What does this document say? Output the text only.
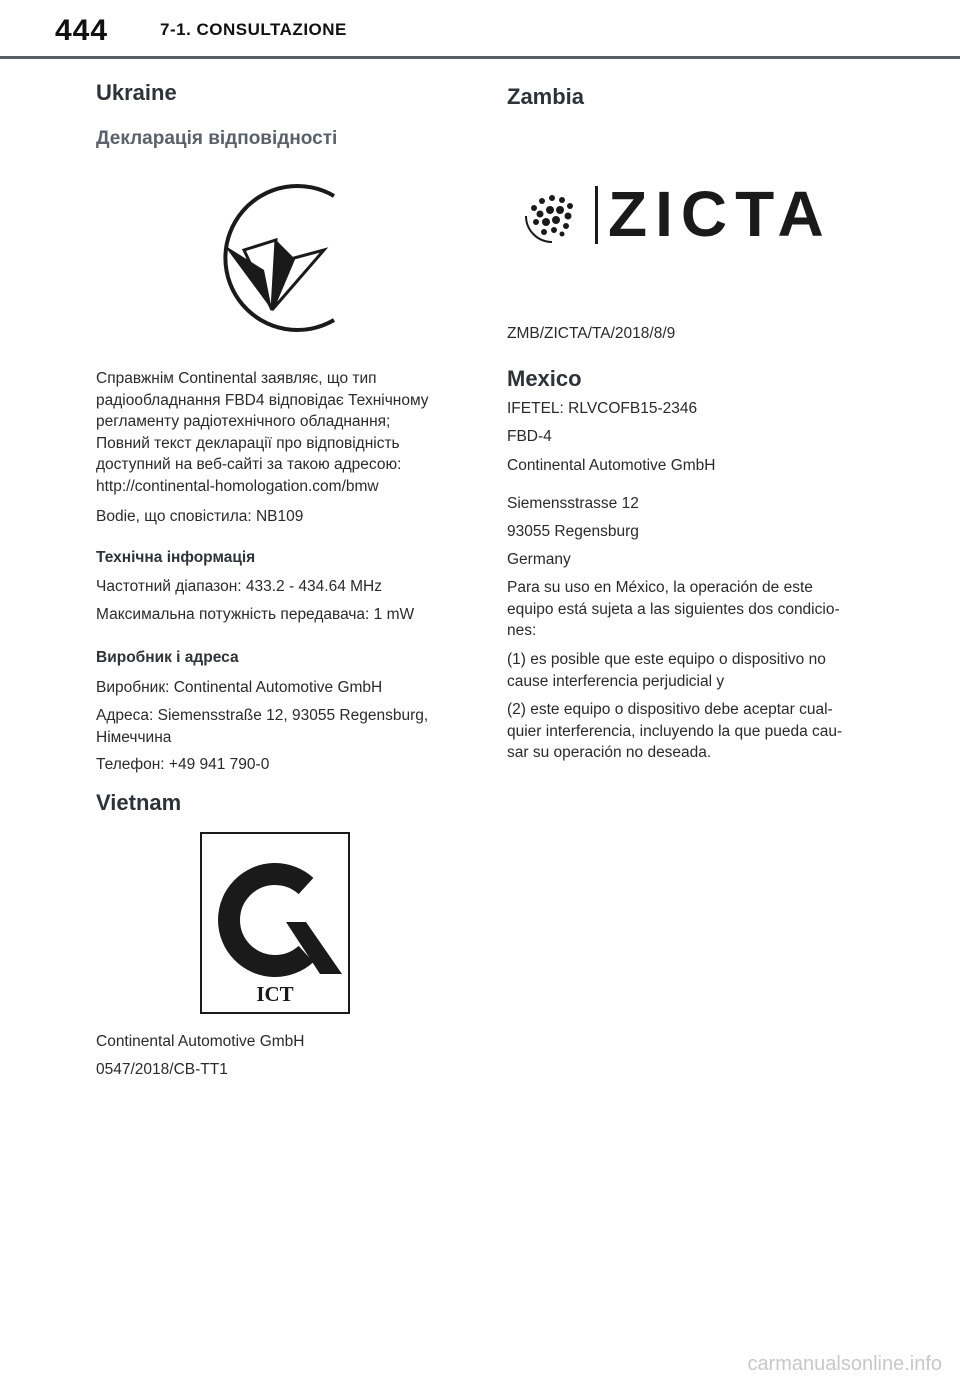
444	7-1. CONSULTAZIONE
Ukraine
Декларація відповідності
Справжнім Continental заявляє, що тип
радіообладнання FBD4 відповідає Технічному
регламенту радіотехнічного обладнання;
Повний текст декларації про відповідність
доступний на веб-сайті за такою адресою:
http://continental-homologation.com/bmw
Bodie, що сповістила: NB109
Технічна інформація
Частотний діапазон: 433.2 - 434.64 MHz
Максимальна потужність передавача: 1 mW
Виробник і адреса
Виробник: Continental Automotive GmbH
Адреса: Siemensstraße 12, 93055 Regensburg,
Німеччина
Телефон: +49 941 790-0
Vietnam
ICT
Continental Automotive GmbH
0547/2018/CB-TT1
Zambia
ZICTA
ZMB/ZICTA/TA/2018/8/9
Mexico
IFETEL: RLVCOFB15-2346
FBD-4
Continental Automotive GmbH
Siemensstrasse 12
93055 Regensburg
Germany
Para su uso en México, la operación de este
equipo está sujeta a las siguientes dos condicio-
nes:
(1) es posible que este equipo o dispositivo no
cause interferencia perjudicial y
(2) este equipo o dispositivo debe aceptar cual-
quier interferencia, incluyendo la que pueda cau-
sar su operación no deseada.
carmanualsonline.info
